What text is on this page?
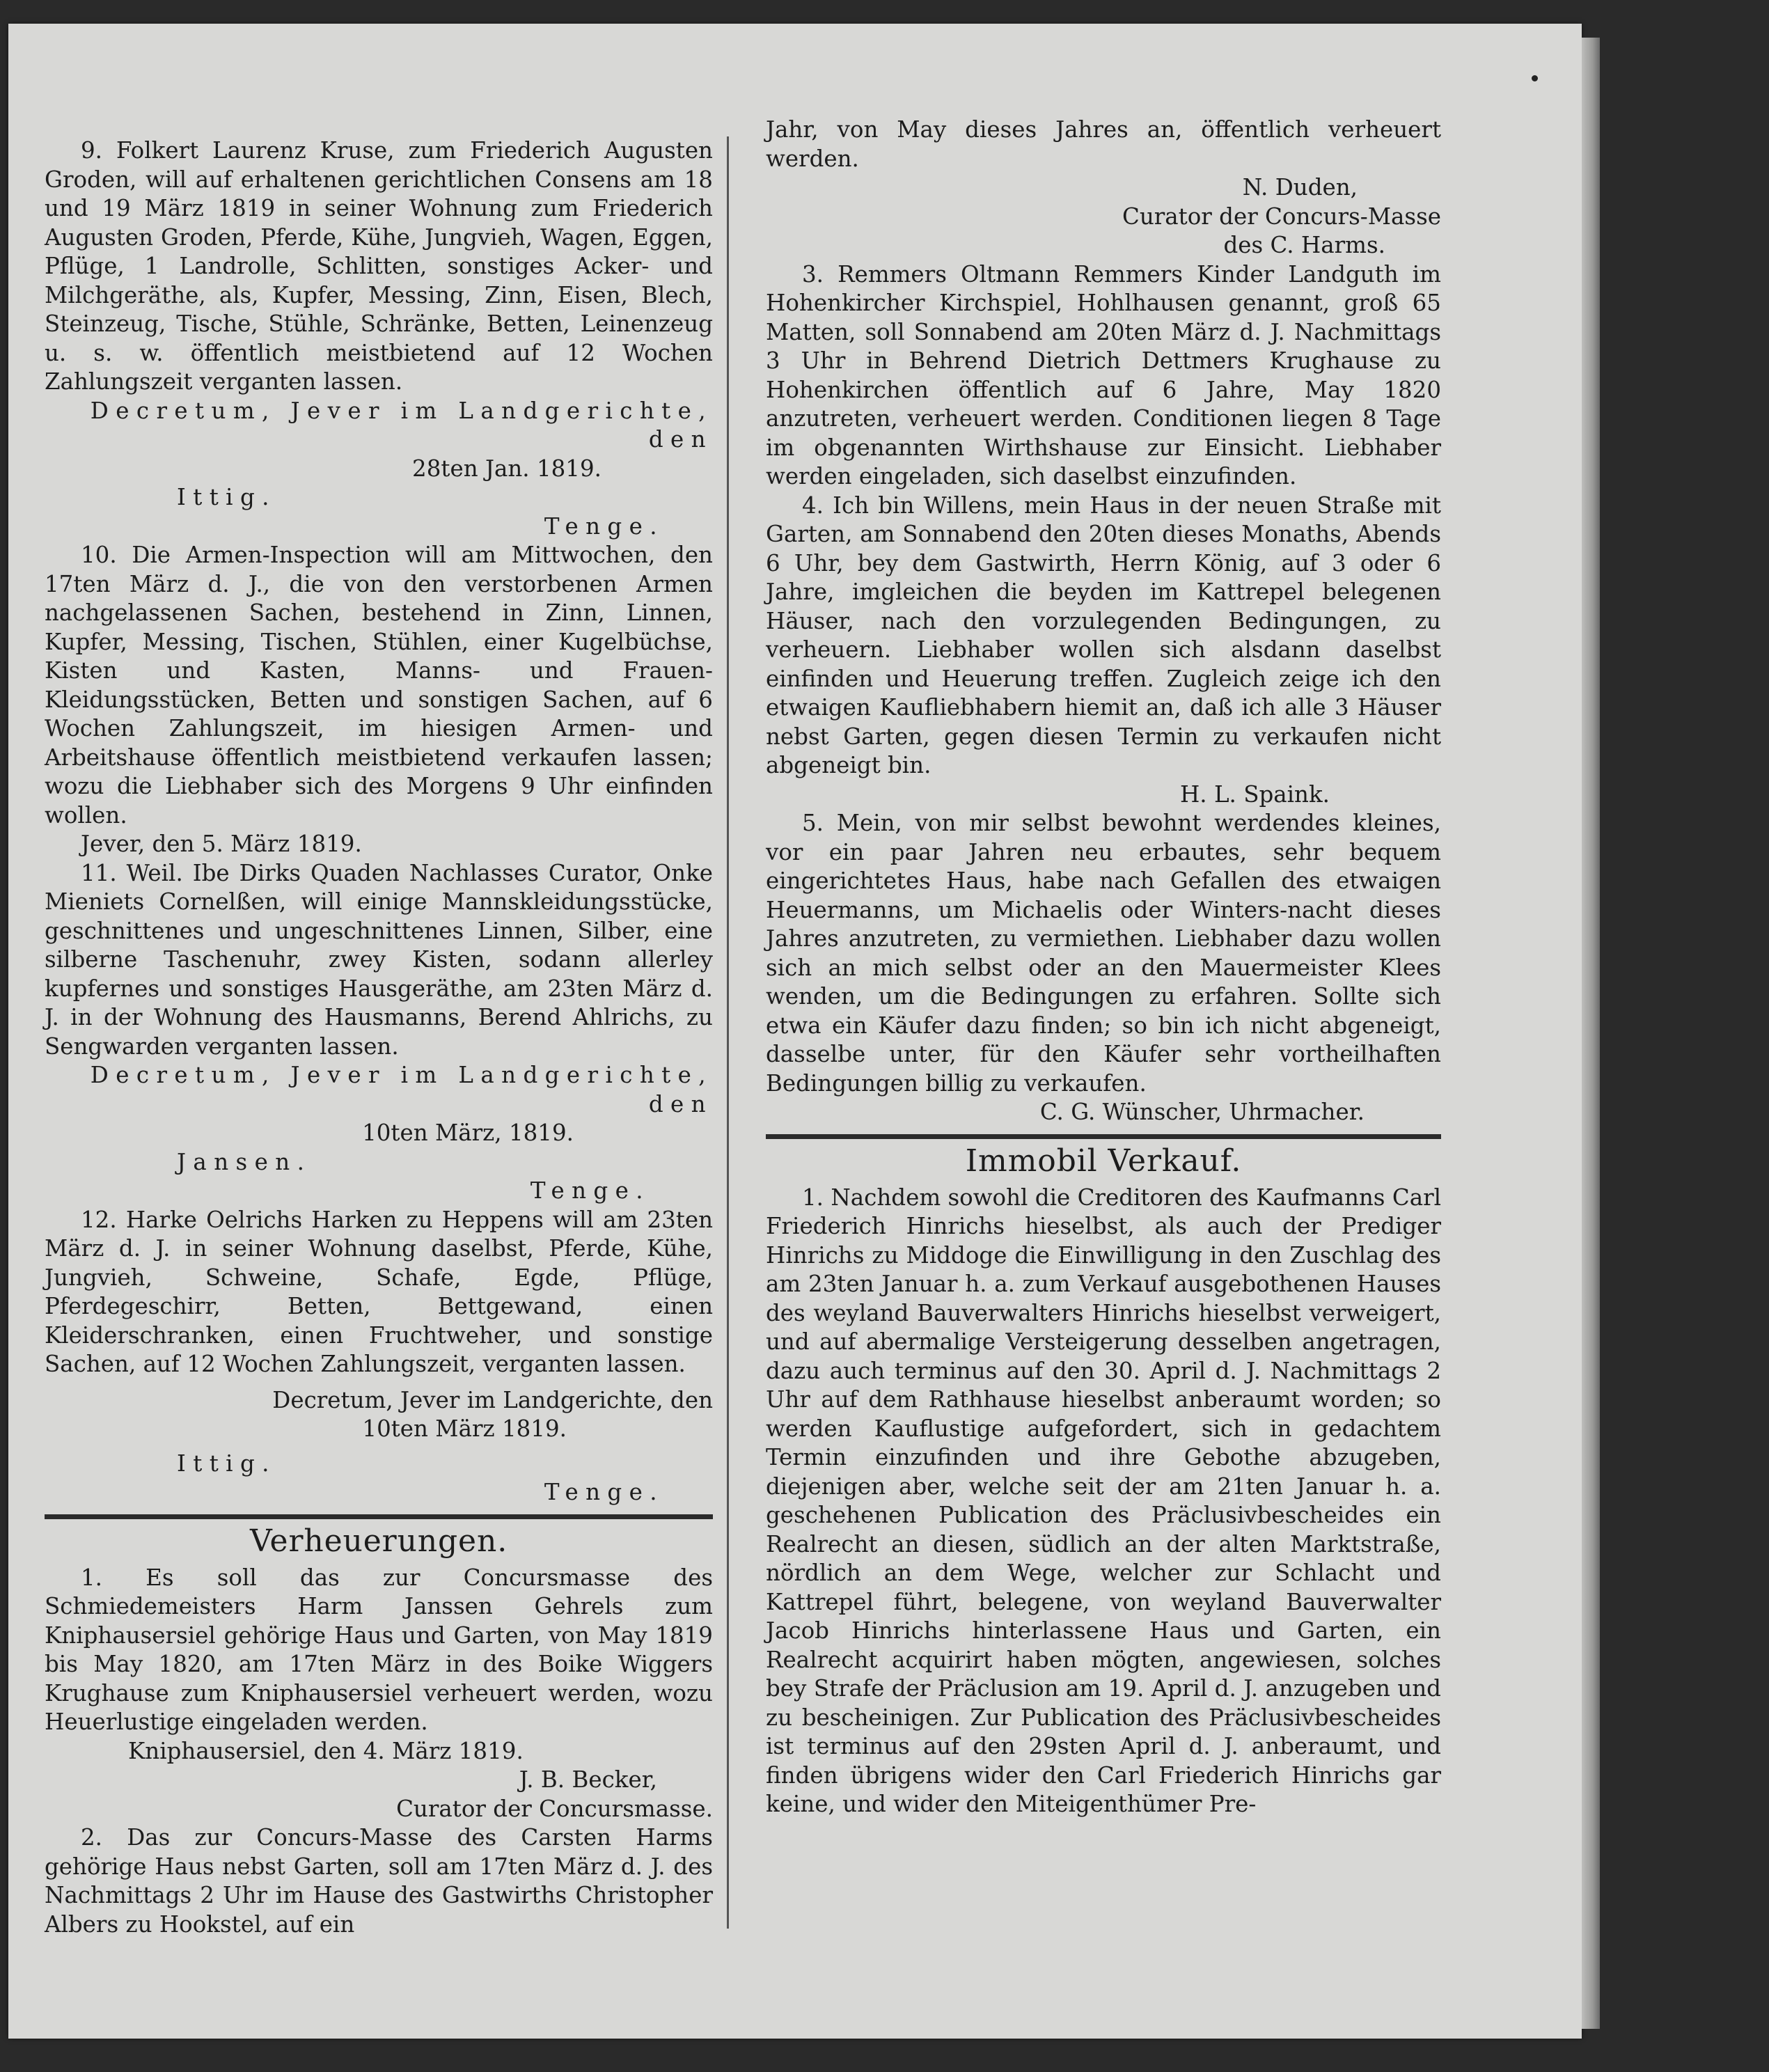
9. Folkert Laurenz Kruse, zum Friederich Augusten Groden, will auf erhaltenen gerichtlichen Consens am 18 und 19 März 1819 in seiner Wohnung zum Friederich Augusten Groden, Pferde, Kühe, Jungvieh, Wagen, Eggen, Pflüge, 1 Landrolle, Schlitten, sonstiges Acker- und Milchgeräthe, als, Kupfer, Messing, Zinn, Eisen, Blech, Steinzeug, Tische, Stühle, Schränke, Betten, Leinenzeug u. s. w. öffentlich meistbietend auf 12 Wochen Zahlungszeit verganten lassen.

Decretum, Jever im Landgerichte, den

28ten Jan. 1819.

Ittig.

Tenge.

10. Die Armen-Inspection will am Mittwochen, den 17ten März d. J., die von den verstorbenen Armen nachgelassenen Sachen, bestehend in Zinn, Linnen, Kupfer, Messing, Tischen, Stühlen, einer Kugelbüchse, Kisten und Kasten, Manns- und Frauen-Kleidungsstücken, Betten und sonstigen Sachen, auf 6 Wochen Zahlungszeit, im hiesigen Armen- und Arbeitshause öffentlich meistbietend verkaufen lassen; wozu die Liebhaber sich des Morgens 9 Uhr einfinden wollen.

Jever, den 5. März 1819.

11. Weil. Ibe Dirks Quaden Nachlasses Curator, Onke Mieniets Cornelßen, will einige Mannskleidungsstücke, geschnittenes und ungeschnittenes Linnen, Silber, eine silberne Taschenuhr, zwey Kisten, sodann allerley kupfernes und sonstiges Hausgeräthe, am 23ten März d. J. in der Wohnung des Hausmanns, Berend Ahlrichs, zu Sengwarden verganten lassen.

Decretum, Jever im Landgerichte, den

10ten März, 1819.

Jansen.

Tenge.

12. Harke Oelrichs Harken zu Heppens will am 23ten März d. J. in seiner Wohnung daselbst, Pferde, Kühe, Jungvieh, Schweine, Schafe, Egde, Pflüge, Pferdegeschirr, Betten, Bettgewand, einen Kleiderschranken, einen Fruchtweher, und sonstige Sachen, auf 12 Wochen Zahlungszeit, verganten lassen.

Decretum, Jever im Landgerichte, den

10ten März 1819.

Ittig.

Tenge.

Verheuerungen.

1. Es soll das zur Concursmasse des Schmiedemeisters Harm Janssen Gehrels zum Kniphausersiel gehörige Haus und Garten, von May 1819 bis May 1820, am 17ten März in des Boike Wiggers Krughause zum Kniphausersiel verheuert werden, wozu Heuerlustige eingeladen werden.

Kniphausersiel, den 4. März 1819.

J. B. Becker,

Curator der Concursmasse.

2. Das zur Concurs-Masse des Carsten Harms gehörige Haus nebst Garten, soll am 17ten März d. J. des Nachmittags 2 Uhr im Hause des Gastwirths Christopher Albers zu Hookstel, auf ein

Jahr, von May dieses Jahres an, öffentlich verheuert werden.

N. Duden,

Curator der Concurs-Masse

des C. Harms.

3. Remmers Oltmann Remmers Kinder Landguth im Hohenkircher Kirchspiel, Hohlhausen genannt, groß 65 Matten, soll Sonnabend am 20ten März d. J. Nachmittags 3 Uhr in Behrend Dietrich Dettmers Krughause zu Hohenkirchen öffentlich auf 6 Jahre, May 1820 anzutreten, verheuert werden. Conditionen liegen 8 Tage im obgenannten Wirthshause zur Einsicht. Liebhaber werden eingeladen, sich daselbst einzufinden.

4. Ich bin Willens, mein Haus in der neuen Straße mit Garten, am Sonnabend den 20ten dieses Monaths, Abends 6 Uhr, bey dem Gastwirth, Herrn König, auf 3 oder 6 Jahre, imgleichen die beyden im Kattrepel belegenen Häuser, nach den vorzulegenden Bedingungen, zu verheuern. Liebhaber wollen sich alsdann daselbst einfinden und Heuerung treffen. Zugleich zeige ich den etwaigen Kaufliebhabern hiemit an, daß ich alle 3 Häuser nebst Garten, gegen diesen Termin zu verkaufen nicht abgeneigt bin.

H. L. Spaink.

5. Mein, von mir selbst bewohnt werdendes kleines, vor ein paar Jahren neu erbautes, sehr bequem eingerichtetes Haus, habe nach Gefallen des etwaigen Heuermanns, um Michaelis oder Winters-nacht dieses Jahres anzutreten, zu vermiethen. Liebhaber dazu wollen sich an mich selbst oder an den Mauermeister Klees wenden, um die Bedingungen zu erfahren. Sollte sich etwa ein Käufer dazu finden; so bin ich nicht abgeneigt, dasselbe unter, für den Käufer sehr vortheilhaften Bedingungen billig zu verkaufen.

C. G. Wünscher, Uhrmacher.

Immobil Verkauf.

1. Nachdem sowohl die Creditoren des Kaufmanns Carl Friederich Hinrichs hieselbst, als auch der Prediger Hinrichs zu Middoge die Einwilligung in den Zuschlag des am 23ten Januar h. a. zum Verkauf ausgebothenen Hauses des weyland Bauverwalters Hinrichs hieselbst verweigert, und auf abermalige Versteigerung desselben angetragen, dazu auch terminus auf den 30. April d. J. Nachmittags 2 Uhr auf dem Rathhause hieselbst anberaumt worden; so werden Kauflustige aufgefordert, sich in gedachtem Termin einzufinden und ihre Gebothe abzugeben, diejenigen aber, welche seit der am 21ten Januar h. a. geschehenen Publication des Präclusivbescheides ein Realrecht an diesen, südlich an der alten Marktstraße, nördlich an dem Wege, welcher zur Schlacht und Kattrepel führt, belegene, von weyland Bauverwalter Jacob Hinrichs hinterlassene Haus und Garten, ein Realrecht acquirirt haben mögten, angewiesen, solches bey Strafe der Präclusion am 19. April d. J. anzugeben und zu bescheinigen. Zur Publication des Präclusivbescheides ist terminus auf den 29sten April d. J. anberaumt, und finden übrigens wider den Carl Friederich Hinrichs gar keine, und wider den Miteigenthümer Pre-
